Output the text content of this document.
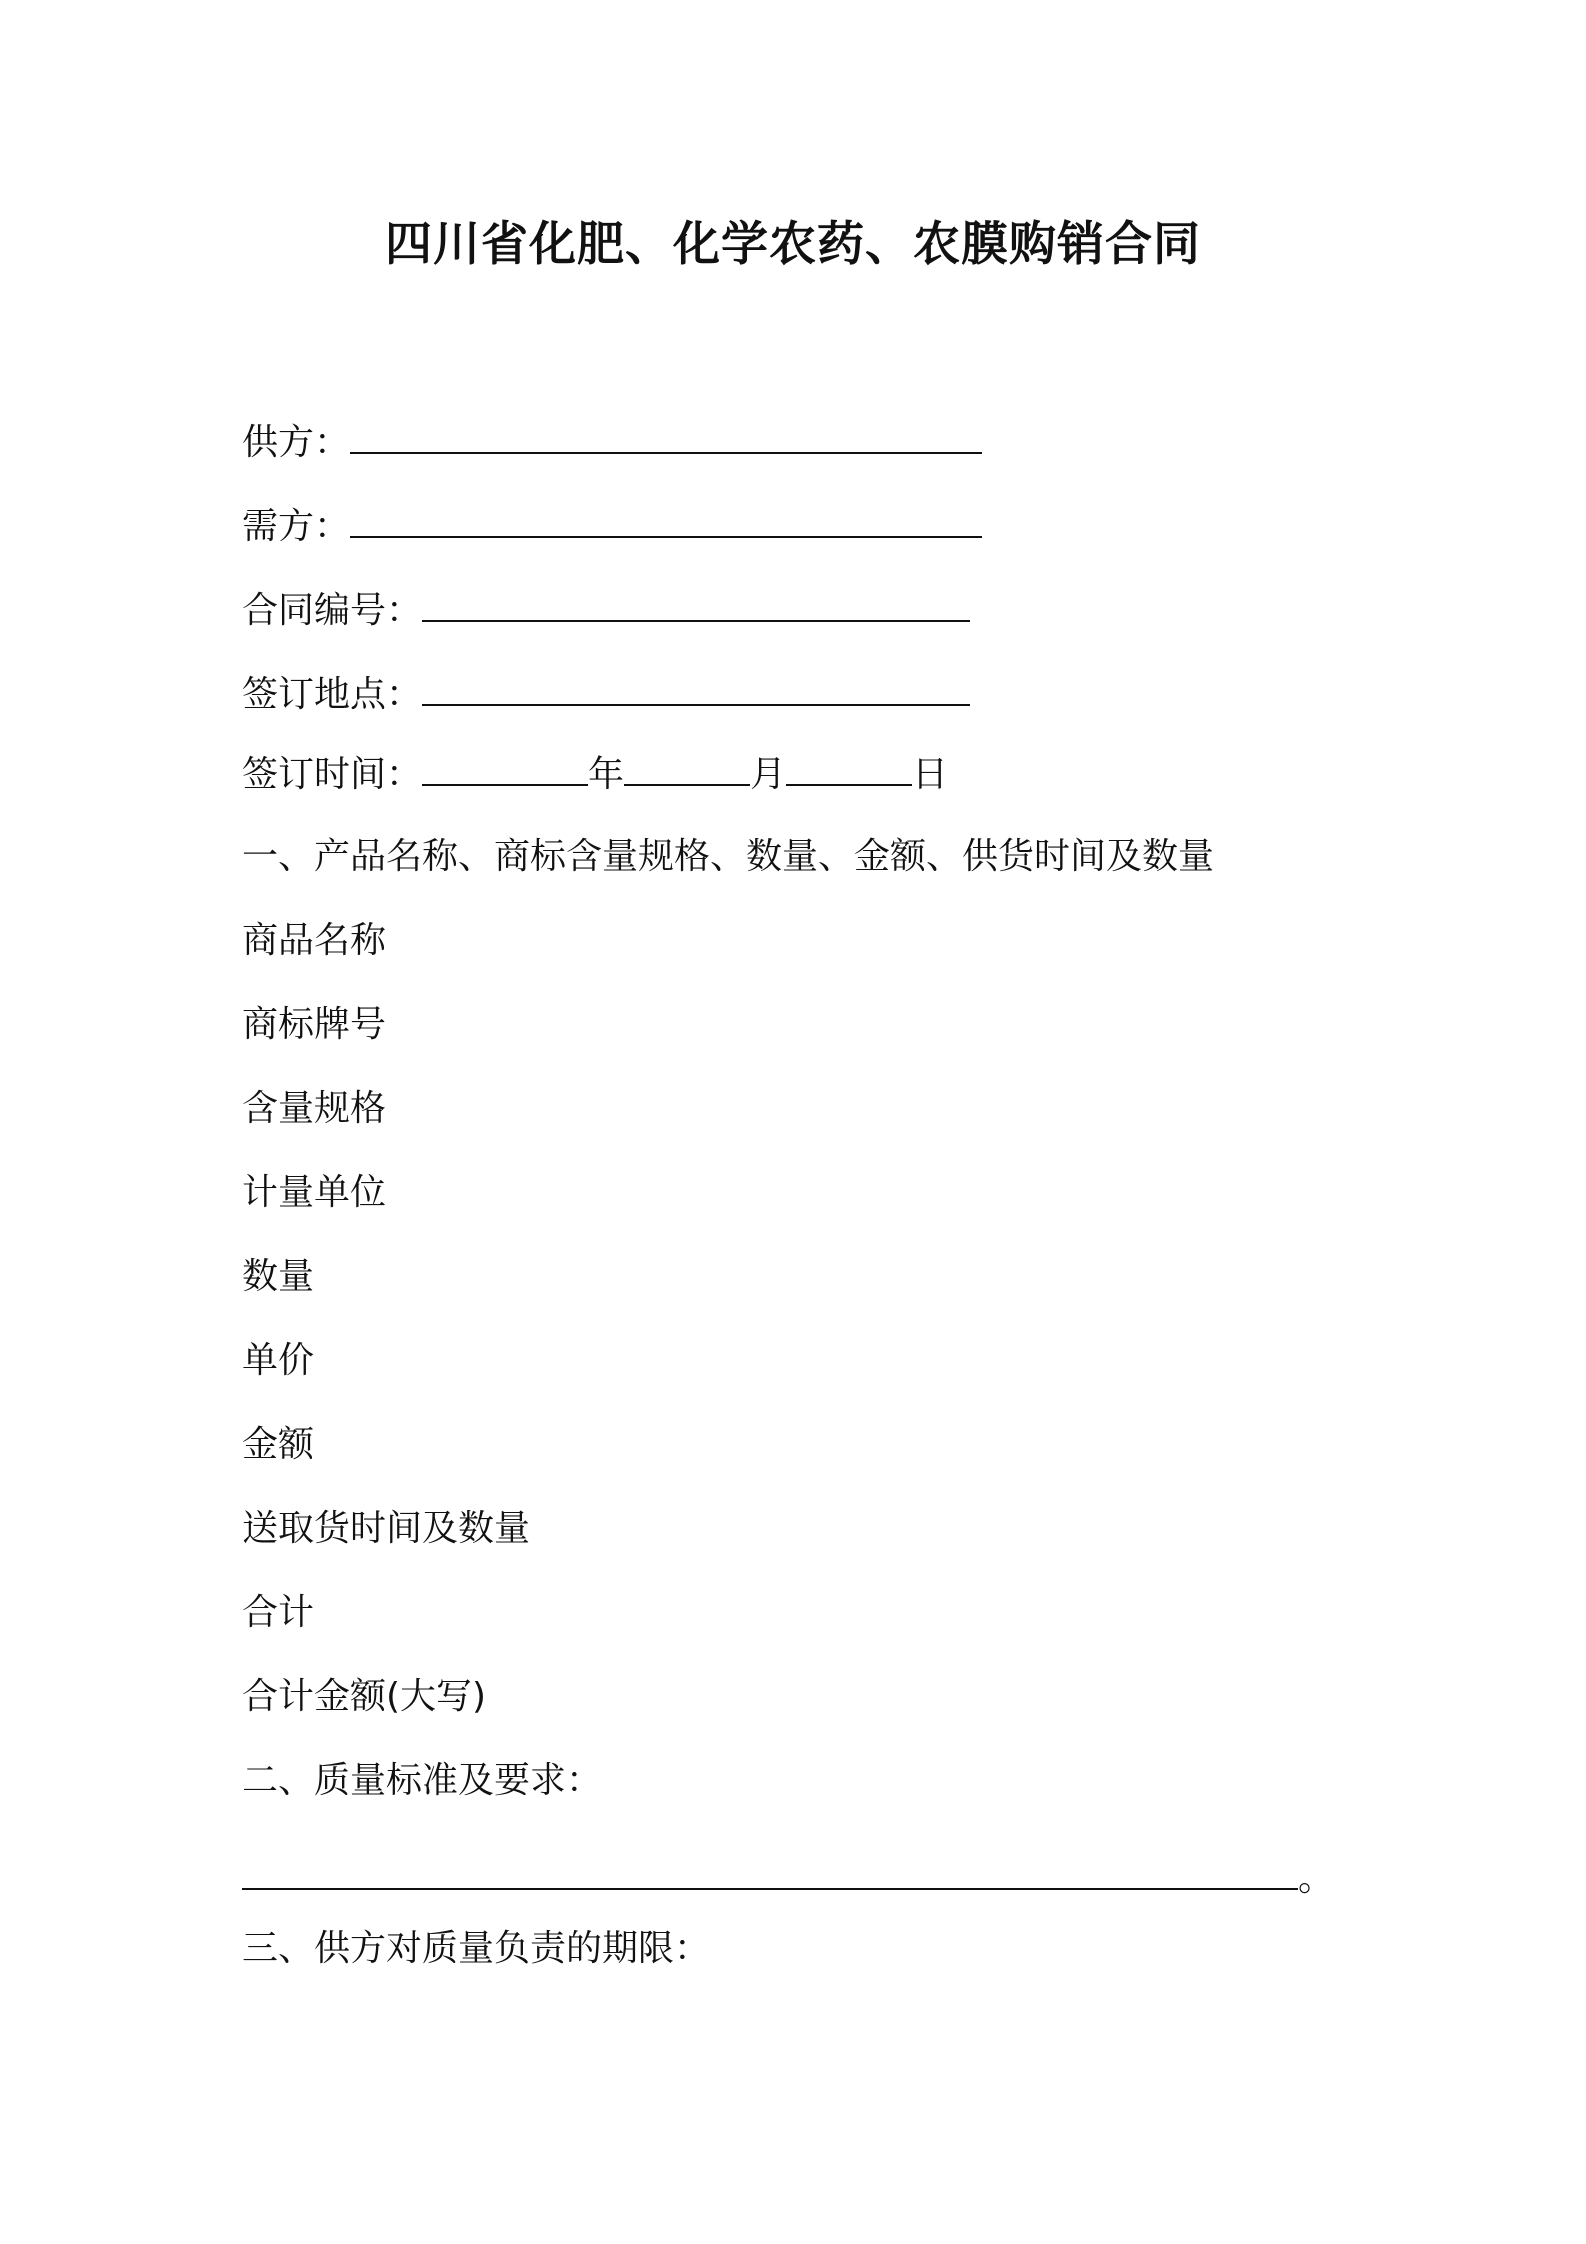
四川省化肥、化学农药、农膜购销合同
供方：
需方：
合同编号：
签订地点：
签订时间：	年	月	日
一、产品名称、商标含量规格、数量、金额、供货时间及数量
商品名称
商标牌号
含量规格
计量单位
数量
单价
金额
送取货时间及数量
合计
合计金额(大写)
二、质量标准及要求：
。
三、供方对质量负责的期限：
